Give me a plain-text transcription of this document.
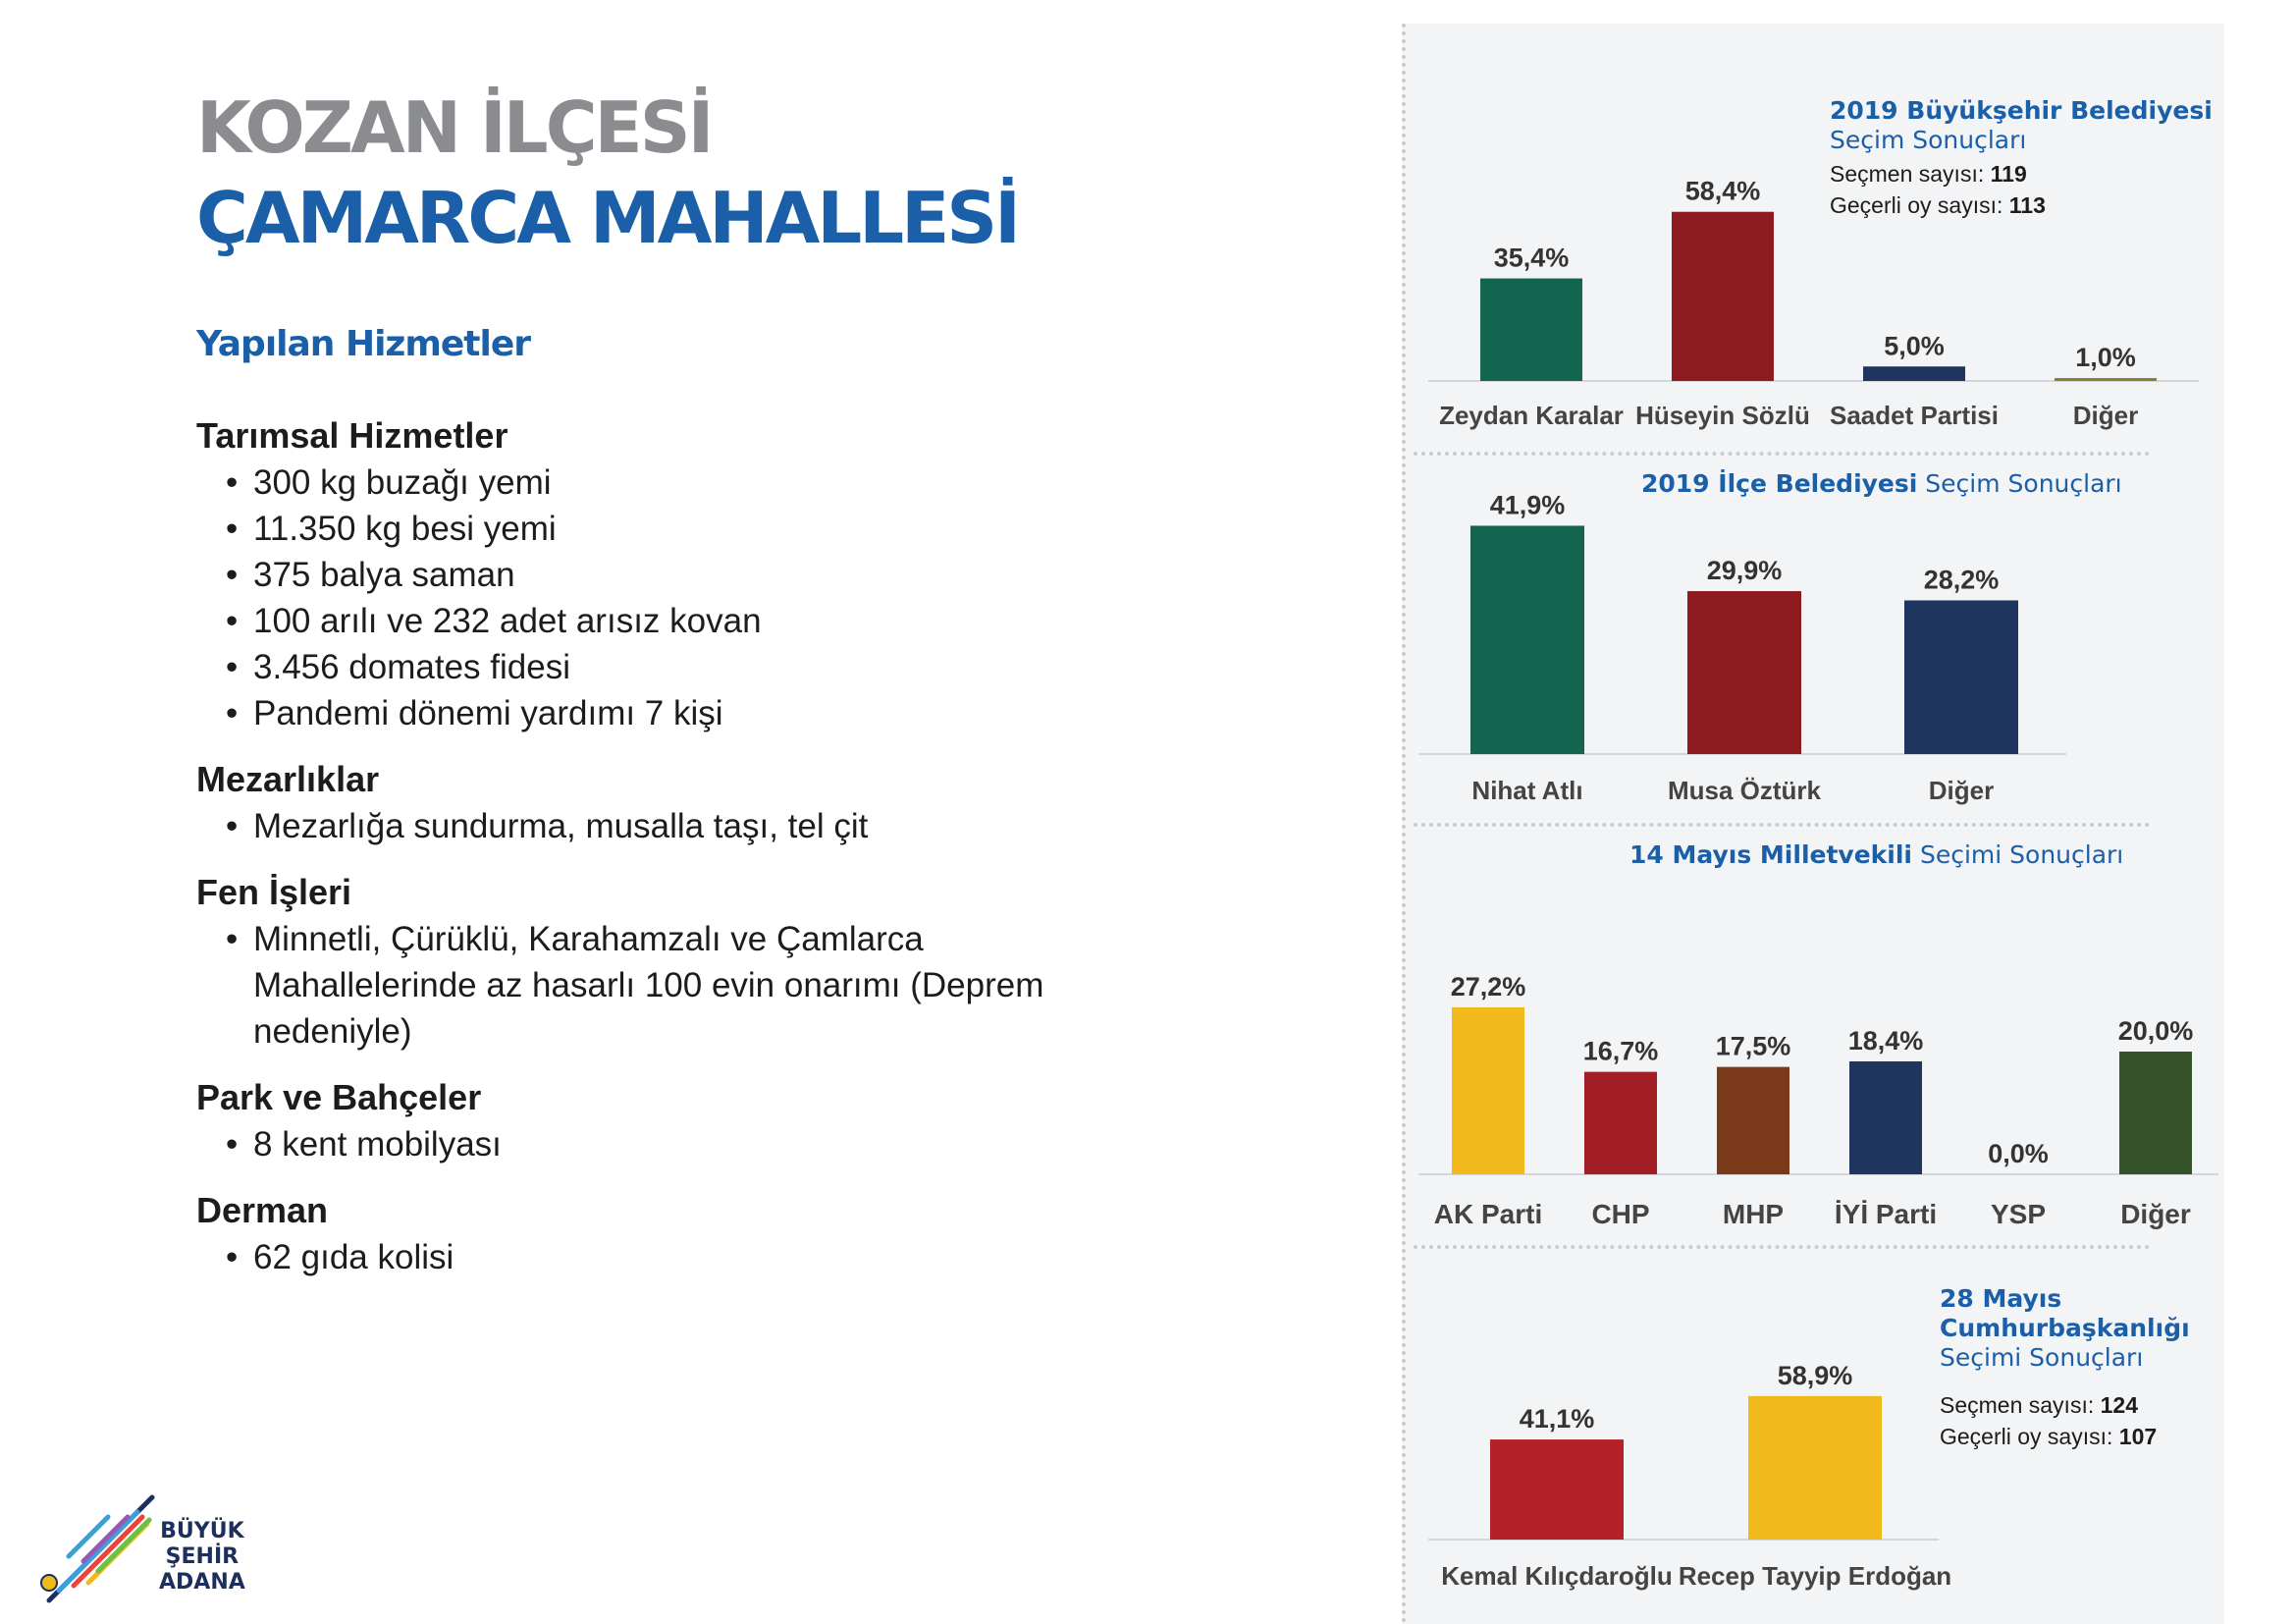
KOZAN İLÇESİ
ÇAMARCA MAHALLESİ
Yapılan Hizmetler

Tarımsal Hizmetler

• 300 kg buzağı yemi
• 11.350 kg besi yemi
• 375 balya saman
• 100 arılı ve 232 adet arısız kovan
• 3.456 domates fidesi
• Pandemi dönemi yardımı 7 kişi

Mezarlıklar

• Mezarlığa sundurma, musalla taşı, tel çit

Fen İşleri

• Minnetli, Çürüklü, Karahamzalı ve Çamlarca Mahallelerinde az hasarlı 100 evin onarımı (Deprem nedeniyle)

Park ve Bahçeler

• 8 kent mobilyası

Derman

• 62 gıda kolisi
BÜYÜK
ŞEHİR
ADANA
35,4%
Zeydan Karalar
58,4%
Hüseyin Sözlü
5,0%
Saadet Partisi
1,0%
Diğer
41,9%
Nihat Atlı
29,9%
Musa Öztürk
28,2%
Diğer
27,2%
AK Parti
16,7%
CHP
17,5%
MHP
18,4%
İYİ Parti
0,0%
YSP
20,0%
Diğer
41,1%
Kemal Kılıçdaroğlu
58,9%
Recep Tayyip Erdoğan
2019 Büyükşehir Belediyesi
Seçim Sonuçları
Seçmen sayısı: 119
Geçerli oy sayısı: 113
2019 İlçe Belediyesi Seçim Sonuçları
14 Mayıs Milletvekili Seçimi Sonuçları
28 Mayıs
Cumhurbaşkanlığı
Seçimi Sonuçları
Seçmen sayısı: 124
Geçerli oy sayısı: 107
